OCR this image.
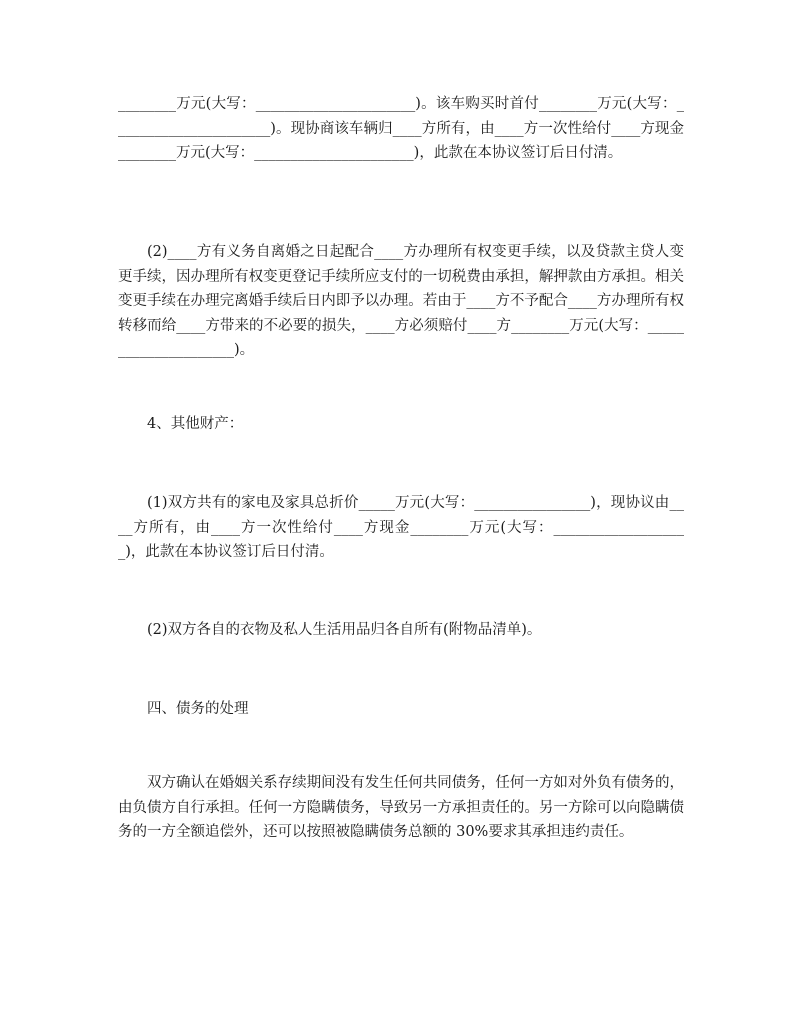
________万元(大写：______________________)。该车购买时首付________万元(大写：______________________)。现协商该车辆归____方所有，由____方一次性给付____方现金________万元(大写：______________________)，此款在本协议签订后日付清。

(2)____方有义务自离婚之日起配合____方办理所有权变更手续，以及贷款主贷人变更手续，因办理所有权变更登记手续所应支付的一切税费由承担，解押款由方承担。相关变更手续在办理完离婚手续后日内即予以办理。若由于____方不予配合____方办理所有权转移而给____方带来的不必要的损失，____方必须赔付____方________万元(大写：_____________________)。

4、其他财产：

(1)双方共有的家电及家具总折价_____万元(大写：________________)，现协议由____方所有，由____方一次性给付____方现金________万元(大写：___________________)，此款在本协议签订后日付清。

(2)双方各自的衣物及私人生活用品归各自所有(附物品清单)。

四、债务的处理

双方确认在婚姻关系存续期间没有发生任何共同债务，任何一方如对外负有债务的，由负债方自行承担。任何一方隐瞒债务，导致另一方承担责任的。另一方除可以向隐瞒债务的一方全额追偿外，还可以按照被隐瞒债务总额的 30%要求其承担违约责任。
